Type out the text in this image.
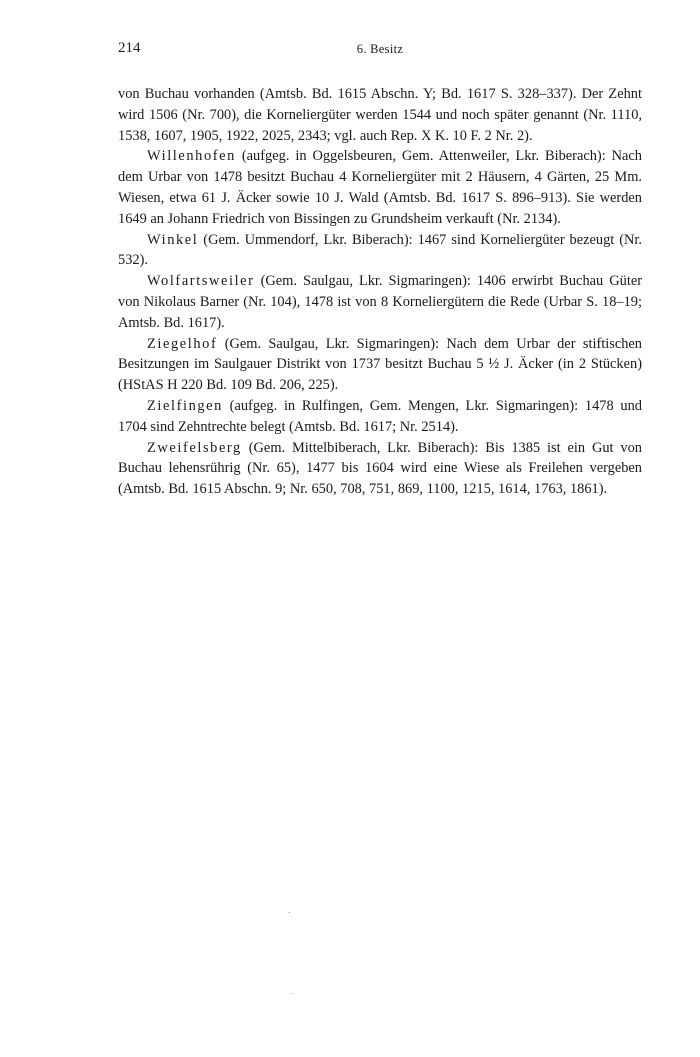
214	6. Besitz

von Buchau vorhanden (Amtsb. Bd. 1615 Abschn. Y; Bd. 1617 S. 328–337). Der Zehnt wird 1506 (Nr. 700), die Korneliergüter werden 1544 und noch später genannt (Nr. 1110, 1538, 1607, 1905, 1922, 2025, 2343; vgl. auch Rep. X K. 10 F. 2 Nr. 2).

Willenhofen (aufgeg. in Oggelsbeuren, Gem. Attenweiler, Lkr. Biberach): Nach dem Urbar von 1478 besitzt Buchau 4 Korneliergüter mit 2 Häusern, 4 Gärten, 25 Mm. Wiesen, etwa 61 J. Äcker sowie 10 J. Wald (Amtsb. Bd. 1617 S. 896–913). Sie werden 1649 an Johann Friedrich von Bissingen zu Grundsheim verkauft (Nr. 2134).

Winkel (Gem. Ummendorf, Lkr. Biberach): 1467 sind Korneliergüter bezeugt (Nr. 532).

Wolfartsweiler (Gem. Saulgau, Lkr. Sigmaringen): 1406 erwirbt Buchau Güter von Nikolaus Barner (Nr. 104), 1478 ist von 8 Korneliergütern die Rede (Urbar S. 18–19; Amtsb. Bd. 1617).

Ziegelhof (Gem. Saulgau, Lkr. Sigmaringen): Nach dem Urbar der stiftischen Besitzungen im Saulgauer Distrikt von 1737 besitzt Buchau 5 ½ J. Äcker (in 2 Stücken) (HStAS H 220 Bd. 109 Bd. 206, 225).

Zielfingen (aufgeg. in Rulfingen, Gem. Mengen, Lkr. Sigmaringen): 1478 und 1704 sind Zehntrechte belegt (Amtsb. Bd. 1617; Nr. 2514).

Zweifelsberg (Gem. Mittelbiberach, Lkr. Biberach): Bis 1385 ist ein Gut von Buchau lehensrührig (Nr. 65), 1477 bis 1604 wird eine Wiese als Freilehen vergeben (Amtsb. Bd. 1615 Abschn. 9; Nr. 650, 708, 751, 869, 1100, 1215, 1614, 1763, 1861).
